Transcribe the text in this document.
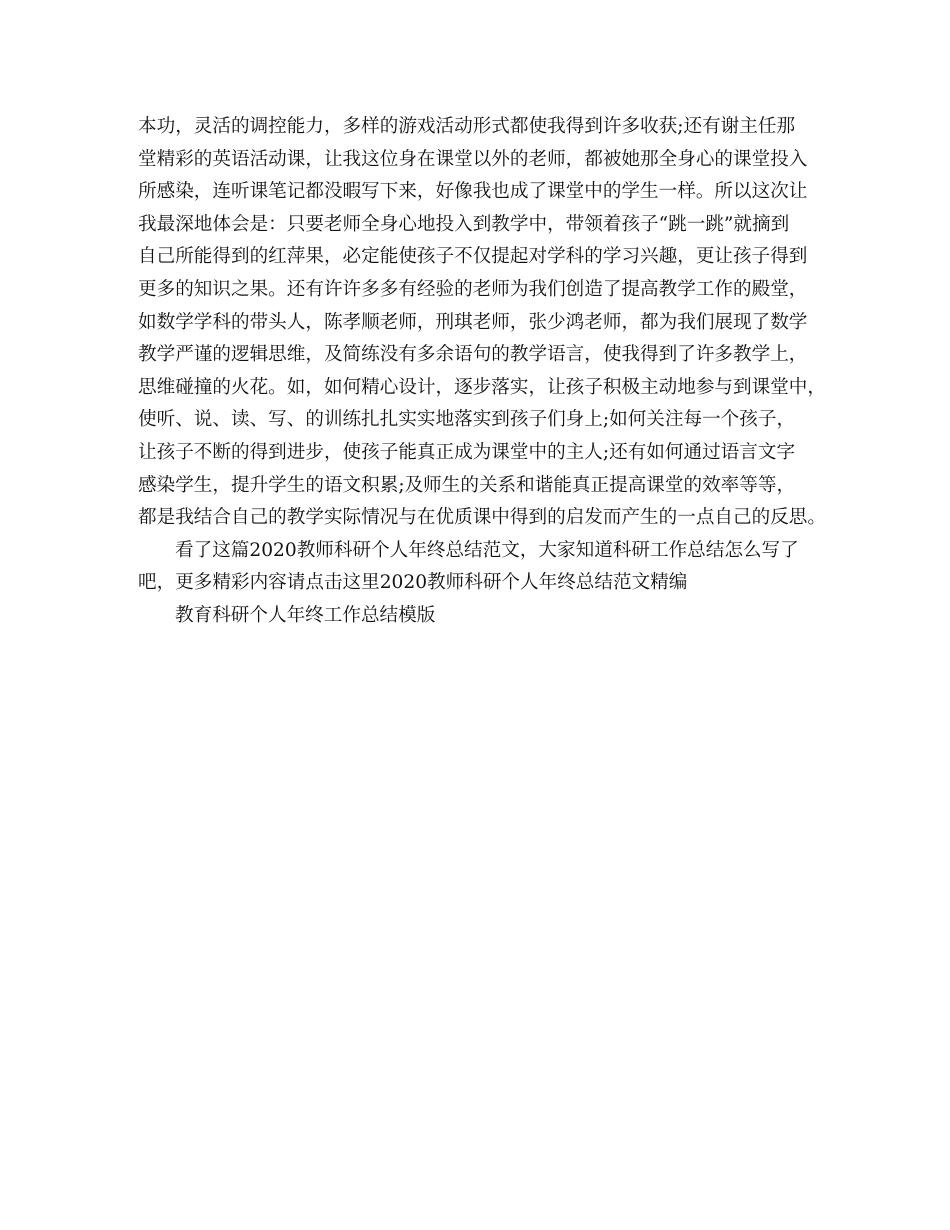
本功，灵活的调控能力，多样的游戏活动形式都使我得到许多收获;还有谢主任那
堂精彩的英语活动课，让我这位身在课堂以外的老师，都被她那全身心的课堂投入
所感染，连听课笔记都没暇写下来，好像我也成了课堂中的学生一样。所以这次让
我最深地体会是：只要老师全身心地投入到教学中，带领着孩子“跳一跳”就摘到
自己所能得到的红萍果，必定能使孩子不仅提起对学科的学习兴趣，更让孩子得到
更多的知识之果。还有许许多多有经验的老师为我们创造了提高教学工作的殿堂，
如数学学科的带头人，陈孝顺老师，刑琪老师，张少鸿老师，都为我们展现了数学
教学严谨的逻辑思维，及简练没有多余语句的教学语言，使我得到了许多教学上，
思维碰撞的火花。如，如何精心设计，逐步落实，让孩子积极主动地参与到课堂中，
使听、说、读、写、的训练扎扎实实地落实到孩子们身上;如何关注每一个孩子，
让孩子不断的得到进步，使孩子能真正成为课堂中的主人;还有如何通过语言文字
感染学生，提升学生的语文积累;及师生的关系和谐能真正提高课堂的效率等等，
都是我结合自己的教学实际情况与在优质课中得到的启发而产生的一点自己的反思。
看了这篇2020教师科研个人年终总结范文，大家知道科研工作总结怎么写了
吧，更多精彩内容请点击这里2020教师科研个人年终总结范文精编
教育科研个人年终工作总结模版
